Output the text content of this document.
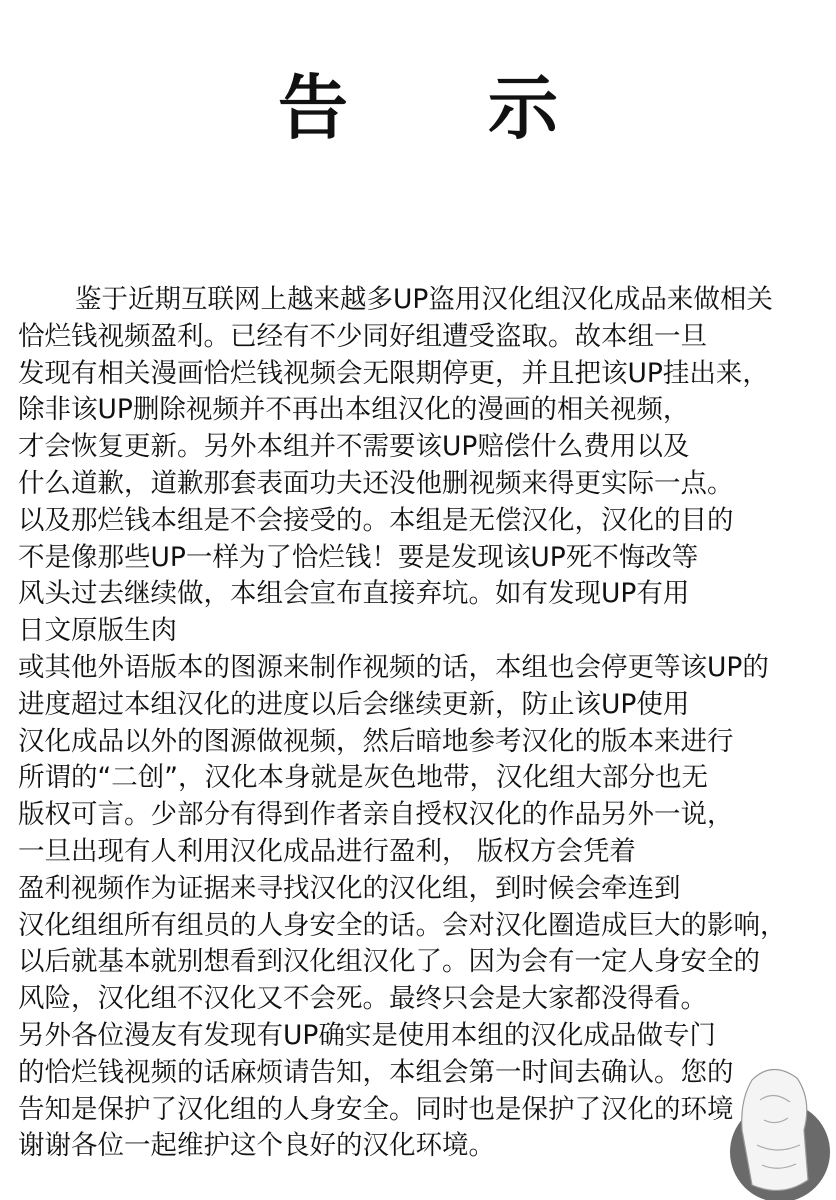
告 示
鉴于近期互联网上越来越多UP盗用汉化组汉化成品来做相关
恰烂钱视频盈利。已经有不少同好组遭受盗取。故本组一旦
发现有相关漫画恰烂钱视频会无限期停更，并且把该UP挂出来，
除非该UP删除视频并不再出本组汉化的漫画的相关视频，
才会恢复更新。另外本组并不需要该UP赔偿什么费用以及
什么道歉，道歉那套表面功夫还没他删视频来得更实际一点。
以及那烂钱本组是不会接受的。本组是无偿汉化，汉化的目的
不是像那些UP一样为了恰烂钱！要是发现该UP死不悔改等
风头过去继续做，本组会宣布直接弃坑。如有发现UP有用
日文原版生肉
或其他外语版本的图源来制作视频的话，本组也会停更等该UP的
进度超过本组汉化的进度以后会继续更新，防止该UP使用
汉化成品以外的图源做视频，然后暗地参考汉化的版本来进行
所谓的“二创”，汉化本身就是灰色地带，汉化组大部分也无
版权可言。少部分有得到作者亲自授权汉化的作品另外一说，
一旦出现有人利用汉化成品进行盈利， 版权方会凭着
盈利视频作为证据来寻找汉化的汉化组，到时候会牵连到
汉化组组所有组员的人身安全的话。会对汉化圈造成巨大的影响，
以后就基本就别想看到汉化组汉化了。因为会有一定人身安全的
风险，汉化组不汉化又不会死。最终只会是大家都没得看。
另外各位漫友有发现有UP确实是使用本组的汉化成品做专门
的恰烂钱视频的话麻烦请告知，本组会第一时间去确认。您的
告知是保护了汉化组的人身安全。同时也是保护了汉化的环境
谢谢各位一起维护这个良好的汉化环境。
